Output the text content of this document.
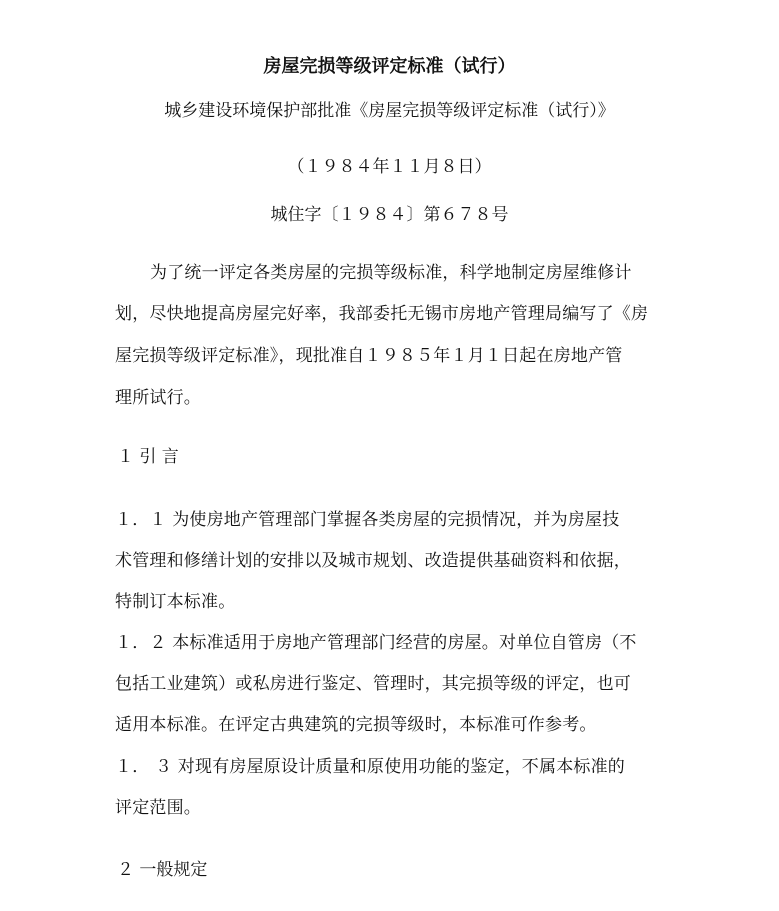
房屋完损等级评定标准（试行）
城乡建设环境保护部批准《房屋完损等级评定标准（试行）》
（１９８４年１１月８日）
城住字〔１９８４〕第６７８号
为了统一评定各类房屋的完损等级标准，科学地制定房屋维修计
划，尽快地提高房屋完好率，我部委托无锡市房地产管理局编写了《房
屋完损等级评定标准》，现批准自１９８５年１月１日起在房地产管
理所试行。
１ 引 言
１．１ 为使房地产管理部门掌握各类房屋的完损情况，并为房屋技
术管理和修缮计划的安排以及城市规划、改造提供基础资料和依据，
特制订本标准。
１．２ 本标准适用于房地产管理部门经营的房屋。对单位自管房（不
包括工业建筑）或私房进行鉴定、管理时，其完损等级的评定，也可
适用本标准。在评定古典建筑的完损等级时，本标准可作参考。
１． ３ 对现有房屋原设计质量和原使用功能的鉴定，不属本标准的
评定范围。
２ 一般规定
